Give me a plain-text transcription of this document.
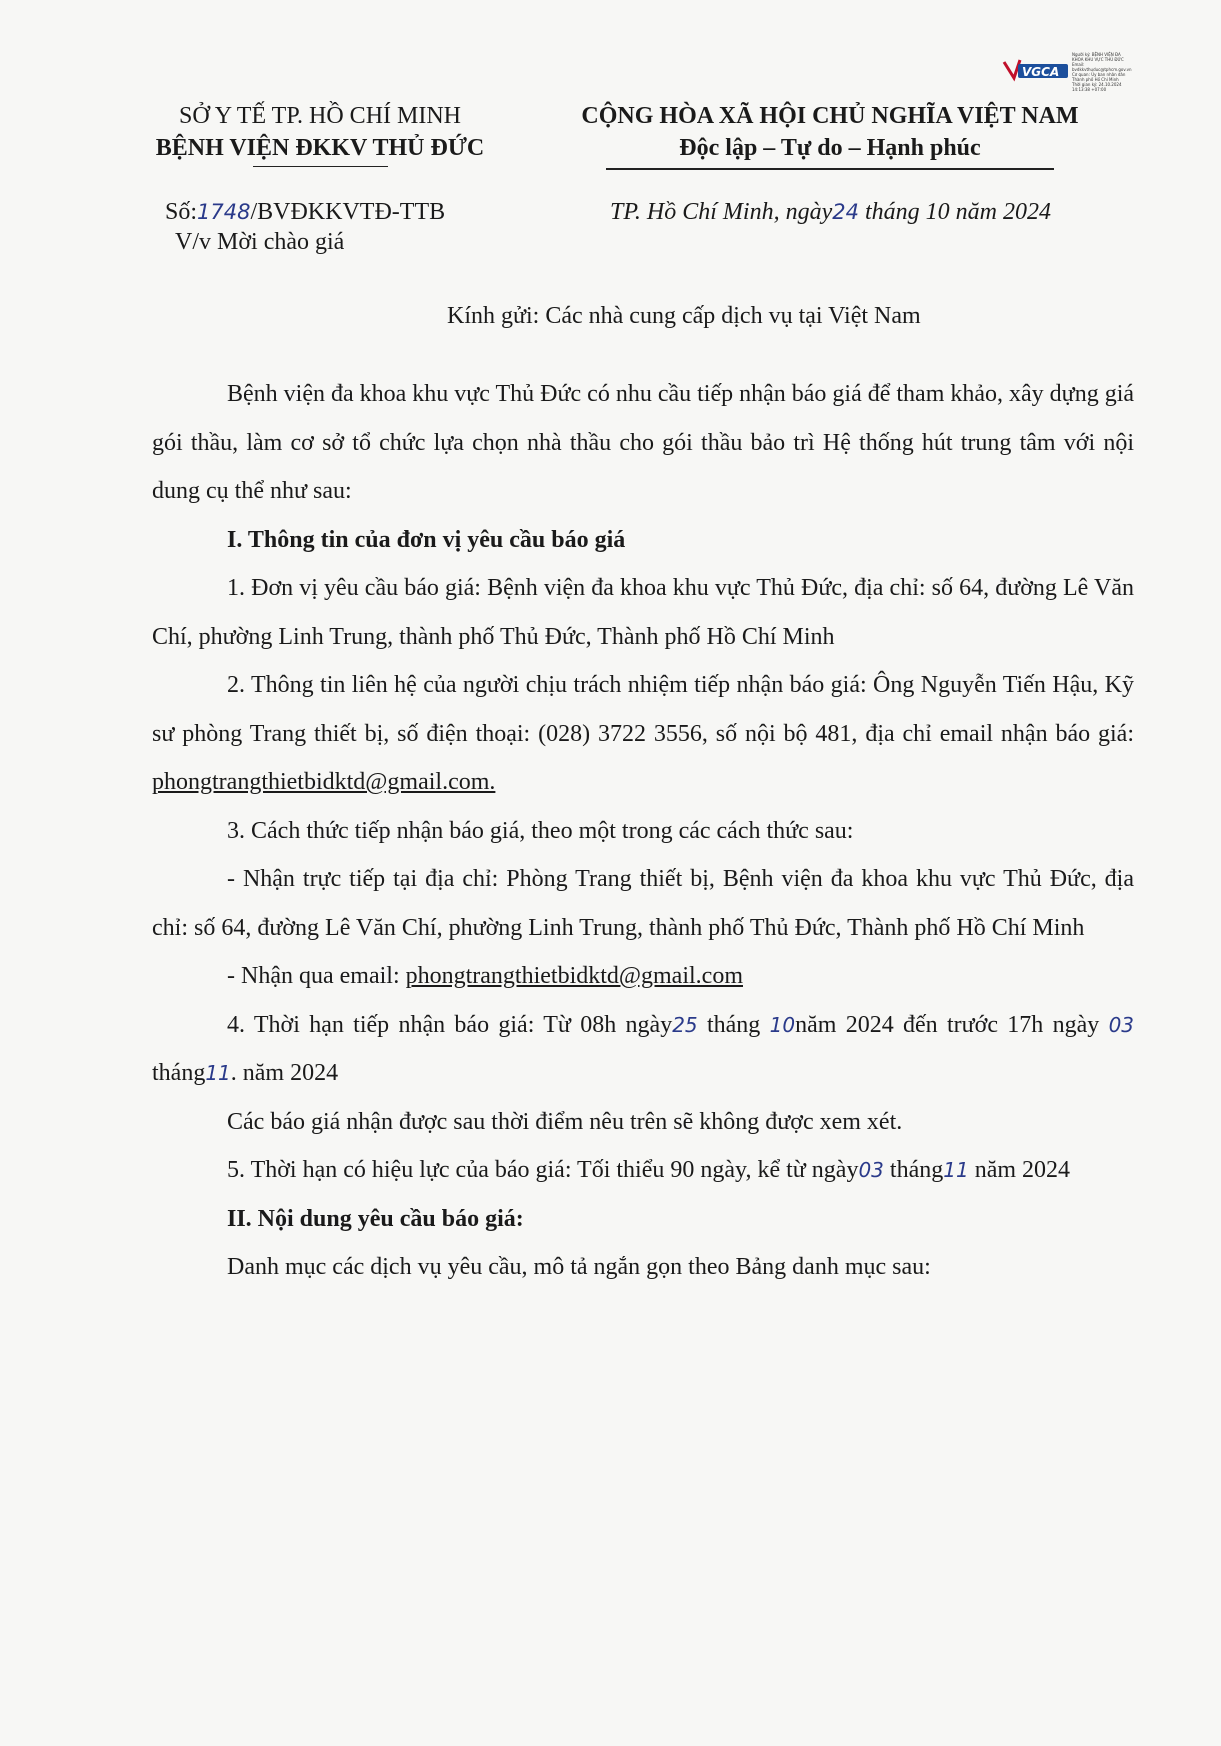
VGCA
Người ký: BỆNH VIỆN ĐA
KHOA KHU VỰC THỦ ĐỨC
Email:
bvdkkvthuduc@tphcm.gov.vn
Cơ quan: Ủy ban nhân dân
Thành phố Hồ Chí Minh
Thời gian ký: 24.10.2024
14:13:38 +07:00
SỞ Y TẾ TP. HỒ CHÍ MINH
BỆNH VIỆN ĐKKV THỦ ĐỨC
CỘNG HÒA XÃ HỘI CHỦ NGHĨA VIỆT NAM
Độc lập – Tự do – Hạnh phúc
Số:1748/BVĐKKVTĐ-TTB
V/v Mời chào giá
TP. Hồ Chí Minh, ngày24 tháng 10 năm 2024
Kính gửi: Các nhà cung cấp dịch vụ tại Việt Nam

Bệnh viện đa khoa khu vực Thủ Đức có nhu cầu tiếp nhận báo giá để tham khảo, xây dựng giá gói thầu, làm cơ sở tổ chức lựa chọn nhà thầu cho gói thầu bảo trì Hệ thống hút trung tâm với nội dung cụ thể như sau:

I. Thông tin của đơn vị yêu cầu báo giá

1. Đơn vị yêu cầu báo giá: Bệnh viện đa khoa khu vực Thủ Đức, địa chỉ: số 64, đường Lê Văn Chí, phường Linh Trung, thành phố Thủ Đức, Thành phố Hồ Chí Minh

2. Thông tin liên hệ của người chịu trách nhiệm tiếp nhận báo giá: Ông Nguyễn Tiến Hậu, Kỹ sư phòng Trang thiết bị, số điện thoại: (028) 3722 3556, số nội bộ 481, địa chỉ email nhận báo giá: phongtrangthietbidktd@gmail.com.

3. Cách thức tiếp nhận báo giá, theo một trong các cách thức sau:

- Nhận trực tiếp tại địa chỉ: Phòng Trang thiết bị, Bệnh viện đa khoa khu vực Thủ Đức, địa chỉ: số 64, đường Lê Văn Chí, phường Linh Trung, thành phố Thủ Đức, Thành phố Hồ Chí Minh

- Nhận qua email: phongtrangthietbidktd@gmail.com

4. Thời hạn tiếp nhận báo giá: Từ 08h ngày25 tháng 10năm 2024 đến trước 17h ngày 03 tháng11. năm 2024

Các báo giá nhận được sau thời điểm nêu trên sẽ không được xem xét.

5. Thời hạn có hiệu lực của báo giá: Tối thiểu 90 ngày, kể từ ngày03 tháng11 năm 2024

II. Nội dung yêu cầu báo giá:

Danh mục các dịch vụ yêu cầu, mô tả ngắn gọn theo Bảng danh mục sau:
